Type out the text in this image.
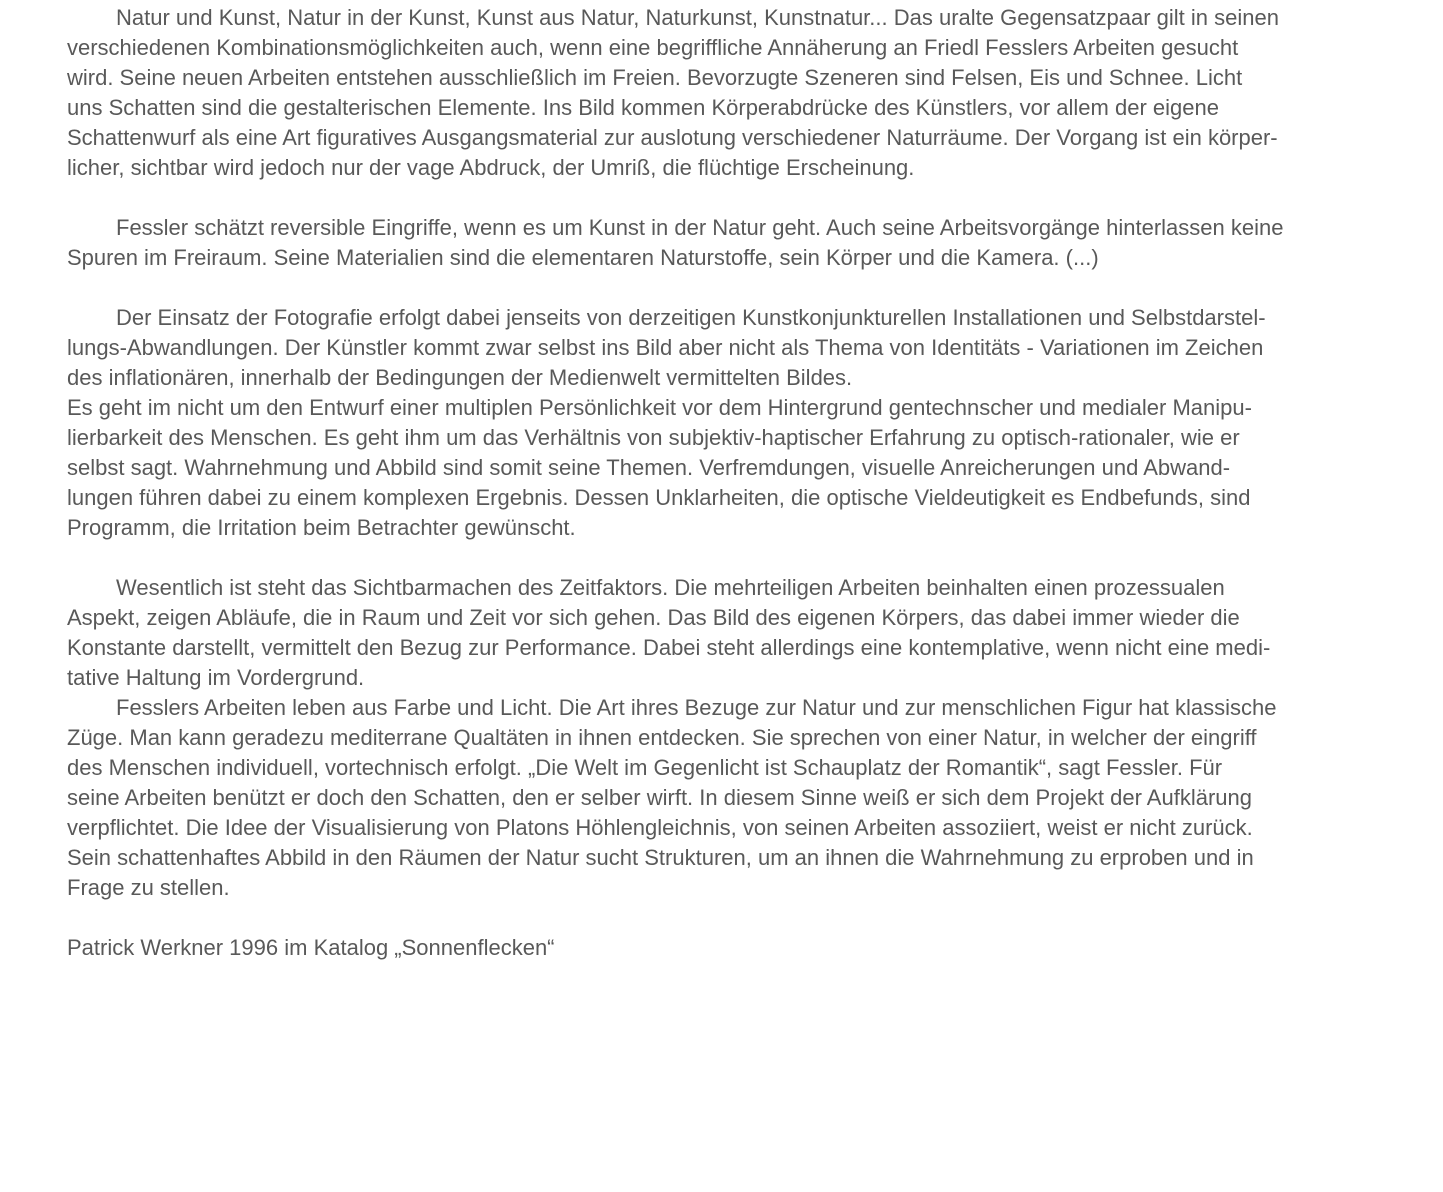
Natur und Kunst, Natur in der Kunst, Kunst aus Natur, Naturkunst, Kunstnatur... Das uralte Gegensatzpaar gilt in seinen
verschiedenen Kombinationsmöglichkeiten auch, wenn eine begriffliche Annäherung an Friedl Fesslers Arbeiten gesucht
wird. Seine neuen Arbeiten entstehen ausschließlich im Freien. Bevorzugte Szeneren sind Felsen, Eis und Schnee. Licht
uns Schatten sind die gestalterischen Elemente. Ins Bild kommen Körperabdrücke des Künstlers, vor allem der eigene
Schattenwurf als eine Art figuratives Ausgangsmaterial zur auslotung verschiedener Naturräume. Der Vorgang ist ein körper-
licher, sichtbar wird jedoch nur der vage Abdruck, der Umriß, die flüchtige Erscheinung.
Fessler schätzt reversible Eingriffe, wenn es um Kunst in der Natur geht. Auch seine Arbeitsvorgänge hinterlassen keine
Spuren im Freiraum. Seine Materialien sind die elementaren Naturstoffe, sein Körper und die Kamera. (...)
Der Einsatz der Fotografie erfolgt dabei jenseits von derzeitigen Kunstkonjunkturellen Installationen und Selbstdarstel-
lungs-Abwandlungen. Der Künstler kommt zwar selbst ins Bild aber nicht als Thema von Identitäts - Variationen im Zeichen
des inflationären, innerhalb der Bedingungen der Medienwelt vermittelten Bildes.
Es geht im nicht um den Entwurf einer multiplen Persönlichkeit vor dem Hintergrund gentechnscher und medialer Manipu-
lierbarkeit des Menschen. Es geht ihm um das Verhältnis von subjektiv-haptischer Erfahrung zu optisch-rationaler, wie er
selbst sagt. Wahrnehmung und Abbild sind somit seine Themen. Verfremdungen, visuelle Anreicherungen und Abwand-
lungen führen dabei zu einem komplexen Ergebnis. Dessen Unklarheiten, die optische Vieldeutigkeit es Endbefunds, sind
Programm, die Irritation beim Betrachter gewünscht.
Wesentlich ist steht das Sichtbarmachen des Zeitfaktors. Die mehrteiligen Arbeiten beinhalten einen prozessualen
Aspekt, zeigen Abläufe, die in Raum und Zeit vor sich gehen. Das Bild des eigenen Körpers, das dabei immer wieder die
Konstante darstellt, vermittelt den Bezug zur Performance. Dabei steht allerdings eine kontemplative, wenn nicht eine medi-
tative Haltung im Vordergrund.
Fesslers Arbeiten leben aus Farbe und Licht. Die Art ihres Bezuge zur Natur und zur menschlichen Figur hat klassische
Züge. Man kann geradezu mediterrane Qualtäten in ihnen entdecken. Sie sprechen von einer Natur, in welcher der eingriff
des Menschen individuell, vortechnisch erfolgt. „Die Welt im Gegenlicht ist Schauplatz der Romantik“, sagt Fessler. Für
seine Arbeiten benützt er doch den Schatten, den er selber wirft. In diesem Sinne weiß er sich dem Projekt der Aufklärung
verpflichtet. Die Idee der Visualisierung von Platons Höhlengleichnis, von seinen Arbeiten assoziiert, weist er nicht zurück.
Sein schattenhaftes Abbild in den Räumen der Natur sucht Strukturen, um an ihnen die Wahrnehmung zu erproben und in
Frage zu stellen.
Patrick Werkner 1996 im Katalog „Sonnenflecken“
